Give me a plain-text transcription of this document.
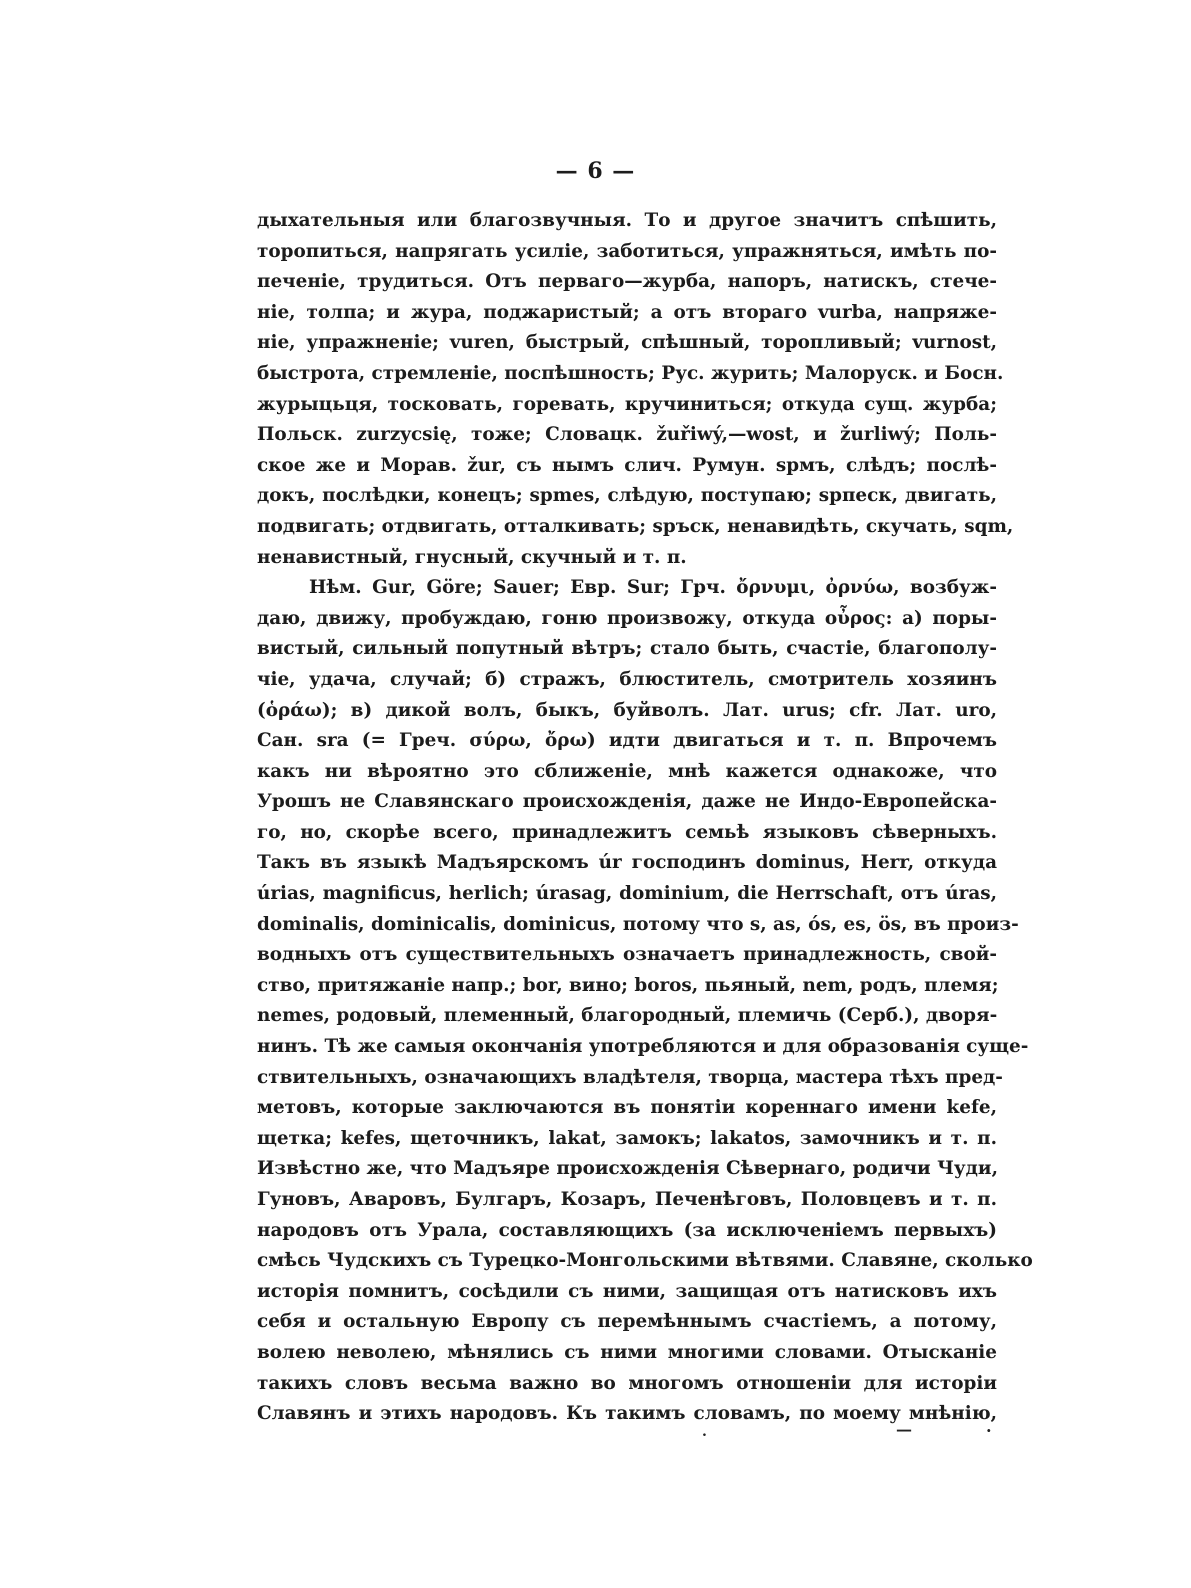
— 6 —
дыхательныя или благозвучныя. То и другое значитъ спѣшить,
торопиться, напрягать усиліе, заботиться, упражняться, имѣть по-
печеніе, трудиться. Отъ перваго—журба, напоръ, натискъ, стече-
ніе, толпа; и жура, поджаристый; а отъ втораго vurba, напряже-
ніе, упражненіе; vuren, быстрый, спѣшный, торопливый; vurnost,
быстрота, стремленіе, поспѣшность; Рус. журить; Малоруск. и Босн.
журыцьця, тосковать, горевать, кручиниться; откуда сущ. журба;
Польск. zurzycsię, тоже; Словацк. žuřiwý,—wost, и žurliwý; Поль-
ское же и Морав. žur, съ нымъ слич. Румун. ѕрмъ, слѣдъ; послѣ-
докъ, послѣдки, конецъ; ѕрmes, слѣдую, поступаю; ѕрпеск, двигать,
подвигать; отдвигать, отталкивать; ѕръск, ненавидѣть, скучать, ѕqm,
ненавистный, гнусный, скучный и т. п.
Нѣм. Gur, Göre; Sauer; Евр. Sur; Грч. ὄρνυμι, ὀρνύω, возбуж-
даю, движу, пробуждаю, гоню произвожу, откуда οὖρος: а) поры-
вистый, сильный попутный вѣтръ; стало быть, счастіе, благополу-
чіе, удача, случай; б) стражъ, блюститель, смотритель хозяинъ
(ὁράω); в) дикой волъ, быкъ, буйволъ. Лат. urus; cfr. Лат. uro,
Сан. sra (= Греч. σύρω, ὄρω) идти двигаться и т. п. Впрочемъ
какъ ни вѣроятно это сближеніе, мнѣ кажется однакоже, что
Урошъ не Славянскаго происхожденія, даже не Индо-Европейска-
го, но, скорѣе всего, принадлежитъ семьѣ языковъ сѣверныхъ.
Такъ въ языкѣ Мадъярскомъ úr господинъ dominus, Herr, откуда
úrias, magnificus, herlich; úrasag, dominium, die Herrschaft, отъ úras,
dominalis, dominicalis, dominicus, потому что s, as, ós, es, ös, въ произ-
водныхъ отъ существительныхъ означаетъ принадлежность, свой-
ство, притяжаніе напр.; bor, вино; boros, пьяный, nem, родъ, племя;
nemes, родовый, племенный, благородный, племичь (Серб.), дворя-
нинъ. Тѣ же самыя окончанія употребляются и для образованія суще-
ствительныхъ, означающихъ владѣтеля, творца, мастера тѣхъ пред-
метовъ, которые заключаются въ понятіи кореннаго имени kefe,
щетка; kefes, щеточникъ, lakat, замокъ; lakatos, замочникъ и т. п.
Извѣстно же, что Мадъяре происхожденія Сѣвернаго, родичи Чуди,
Гуновъ, Аваровъ, Булгаръ, Козаръ, Печенѣговъ, Половцевъ и т. п.
народовъ отъ Урала, составляющихъ (за исключеніемъ первыхъ)
смѣсь Чудскихъ съ Турецко-Монгольскими вѣтвями. Славяне, сколько
исторія помнитъ, сосѣдили съ ними, защищая отъ натисковъ ихъ
себя и остальную Европу съ перемѣннымъ счастіемъ, а потому,
волею неволею, мѣнялись съ ними многими словами. Отысканіе
такихъ словъ весьма важно во многомъ отношеніи для исторіи
Славянъ и этихъ народовъ. Къ такимъ словамъ, по моему мнѣнію,
.	—	·
